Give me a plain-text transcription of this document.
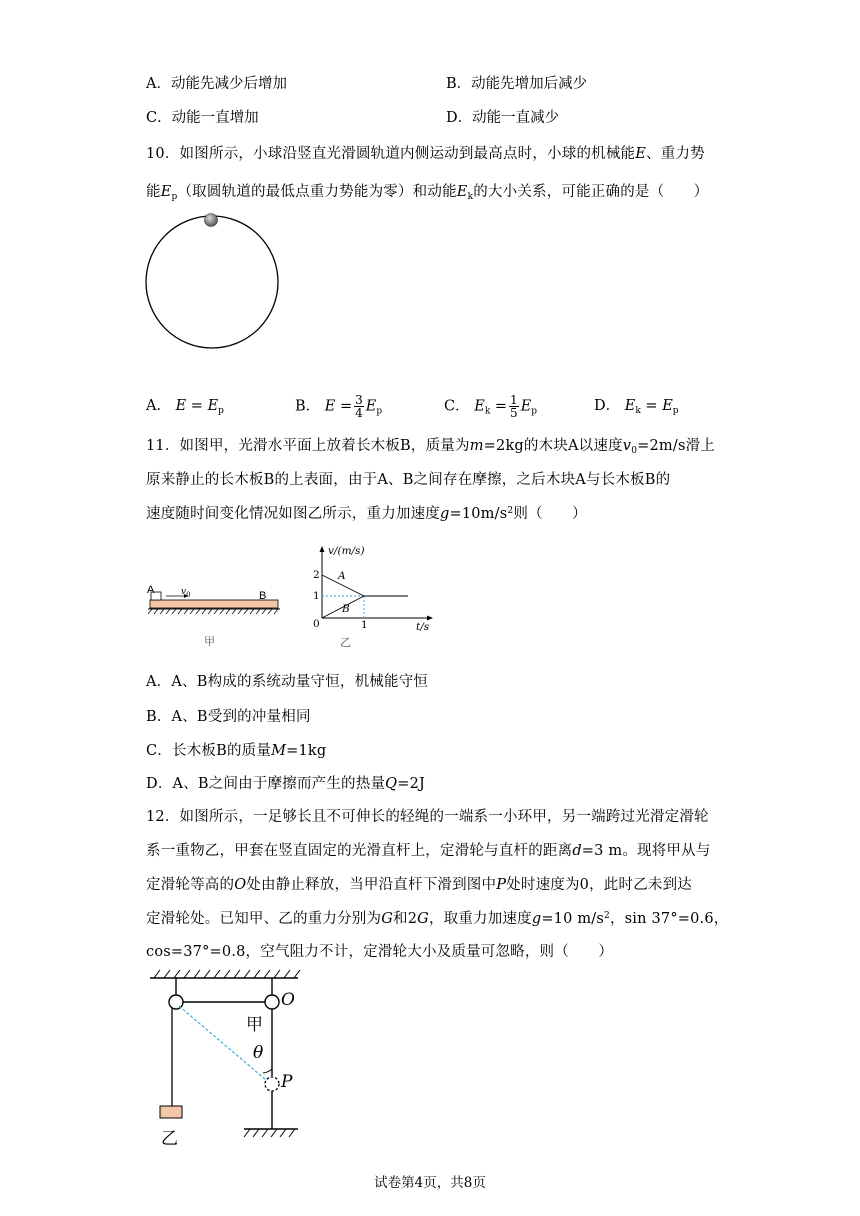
A．动能先减少后增加	B．动能先增加后减少
C．动能一直增加	D．动能一直减少
10．如图所示，小球沿竖直光滑圆轨道内侧运动到最高点时，小球的机械能E、重力势
能$E_p$（取圆轨道的最低点重力势能为零）和动能$E_k$的大小关系，可能正确的是（　　）
A． $E = E_p$	B． $E = \frac{3}{4} E_p$	C． $E_k = \frac{1}{5} E_p$	D． $E_k = E_p$
11．如图甲，光滑水平面上放着长木板B，质量为m=2kg的木块A以速度$v_0=2m/s$滑上
原来静止的长木板B的上表面，由于A、B之间存在摩擦，之后木块A与长木板B的
速度随时间变化情况如图乙所示，重力加速度$g=10m/s^2$则（　　）
A	$v_0$	B
甲
v/(m/s)
2
1
0	1	t/s
A
B
乙
A．A、B构成的系统动量守恒，机械能守恒
B．A、B受到的冲量相同
C．长木板B的质量M=1kg
D．A、B之间由于摩擦而产生的热量Q=2J
12．如图所示，一足够长且不可伸长的轻绳的一端系一小环甲，另一端跨过光滑定滑轮
系一重物乙，甲套在竖直固定的光滑直杆上，定滑轮与直杆的距离d=3 m。现将甲从与
定滑轮等高的O处由静止释放，当甲沿直杆下滑到图中P处时速度为0，此时乙未到达
定滑轮处。已知甲、乙的重力分别为G和2G，取重力加速度g=10 $m/s^2$，sin 37°=0.6，
cos=37°=0.8，空气阻力不计，定滑轮大小及质量可忽略，则（　　）
O
甲
θ
P
乙
试卷第4页，共8页
